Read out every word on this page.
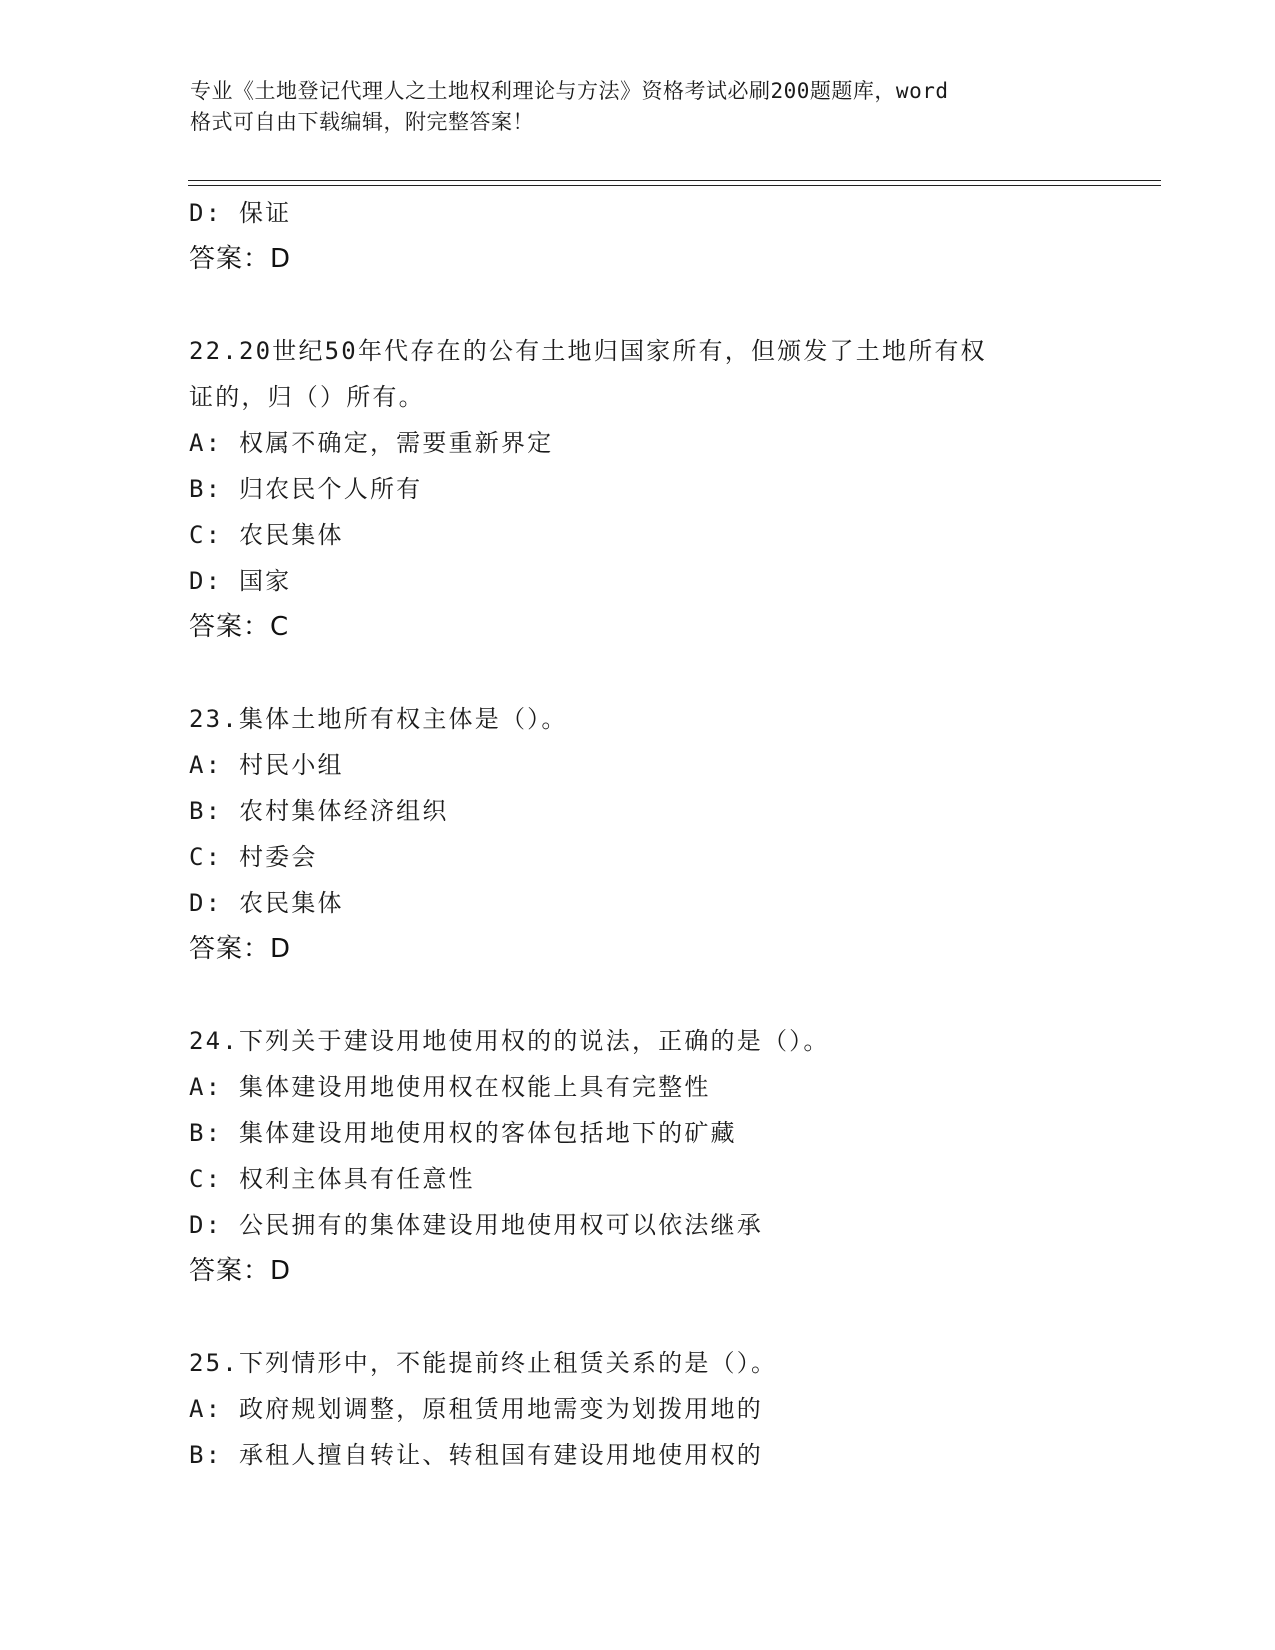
专业《土地登记代理人之土地权利理论与方法》资格考试必刷200题题库，word
格式可自由下载编辑，附完整答案！
D: 保证
答案：D
22.20世纪50年代存在的公有土地归国家所有，但颁发了土地所有权
证的，归（）所有。
A: 权属不确定，需要重新界定
B: 归农民个人所有
C: 农民集体
D: 国家
答案：C
23.集体土地所有权主体是（）。
A: 村民小组
B: 农村集体经济组织
C: 村委会
D: 农民集体
答案：D
24.下列关于建设用地使用权的的说法，正确的是（）。
A: 集体建设用地使用权在权能上具有完整性
B: 集体建设用地使用权的客体包括地下的矿藏
C: 权利主体具有任意性
D: 公民拥有的集体建设用地使用权可以依法继承
答案：D
25.下列情形中，不能提前终止租赁关系的是（）。
A: 政府规划调整，原租赁用地需变为划拨用地的
B: 承租人擅自转让、转租国有建设用地使用权的
